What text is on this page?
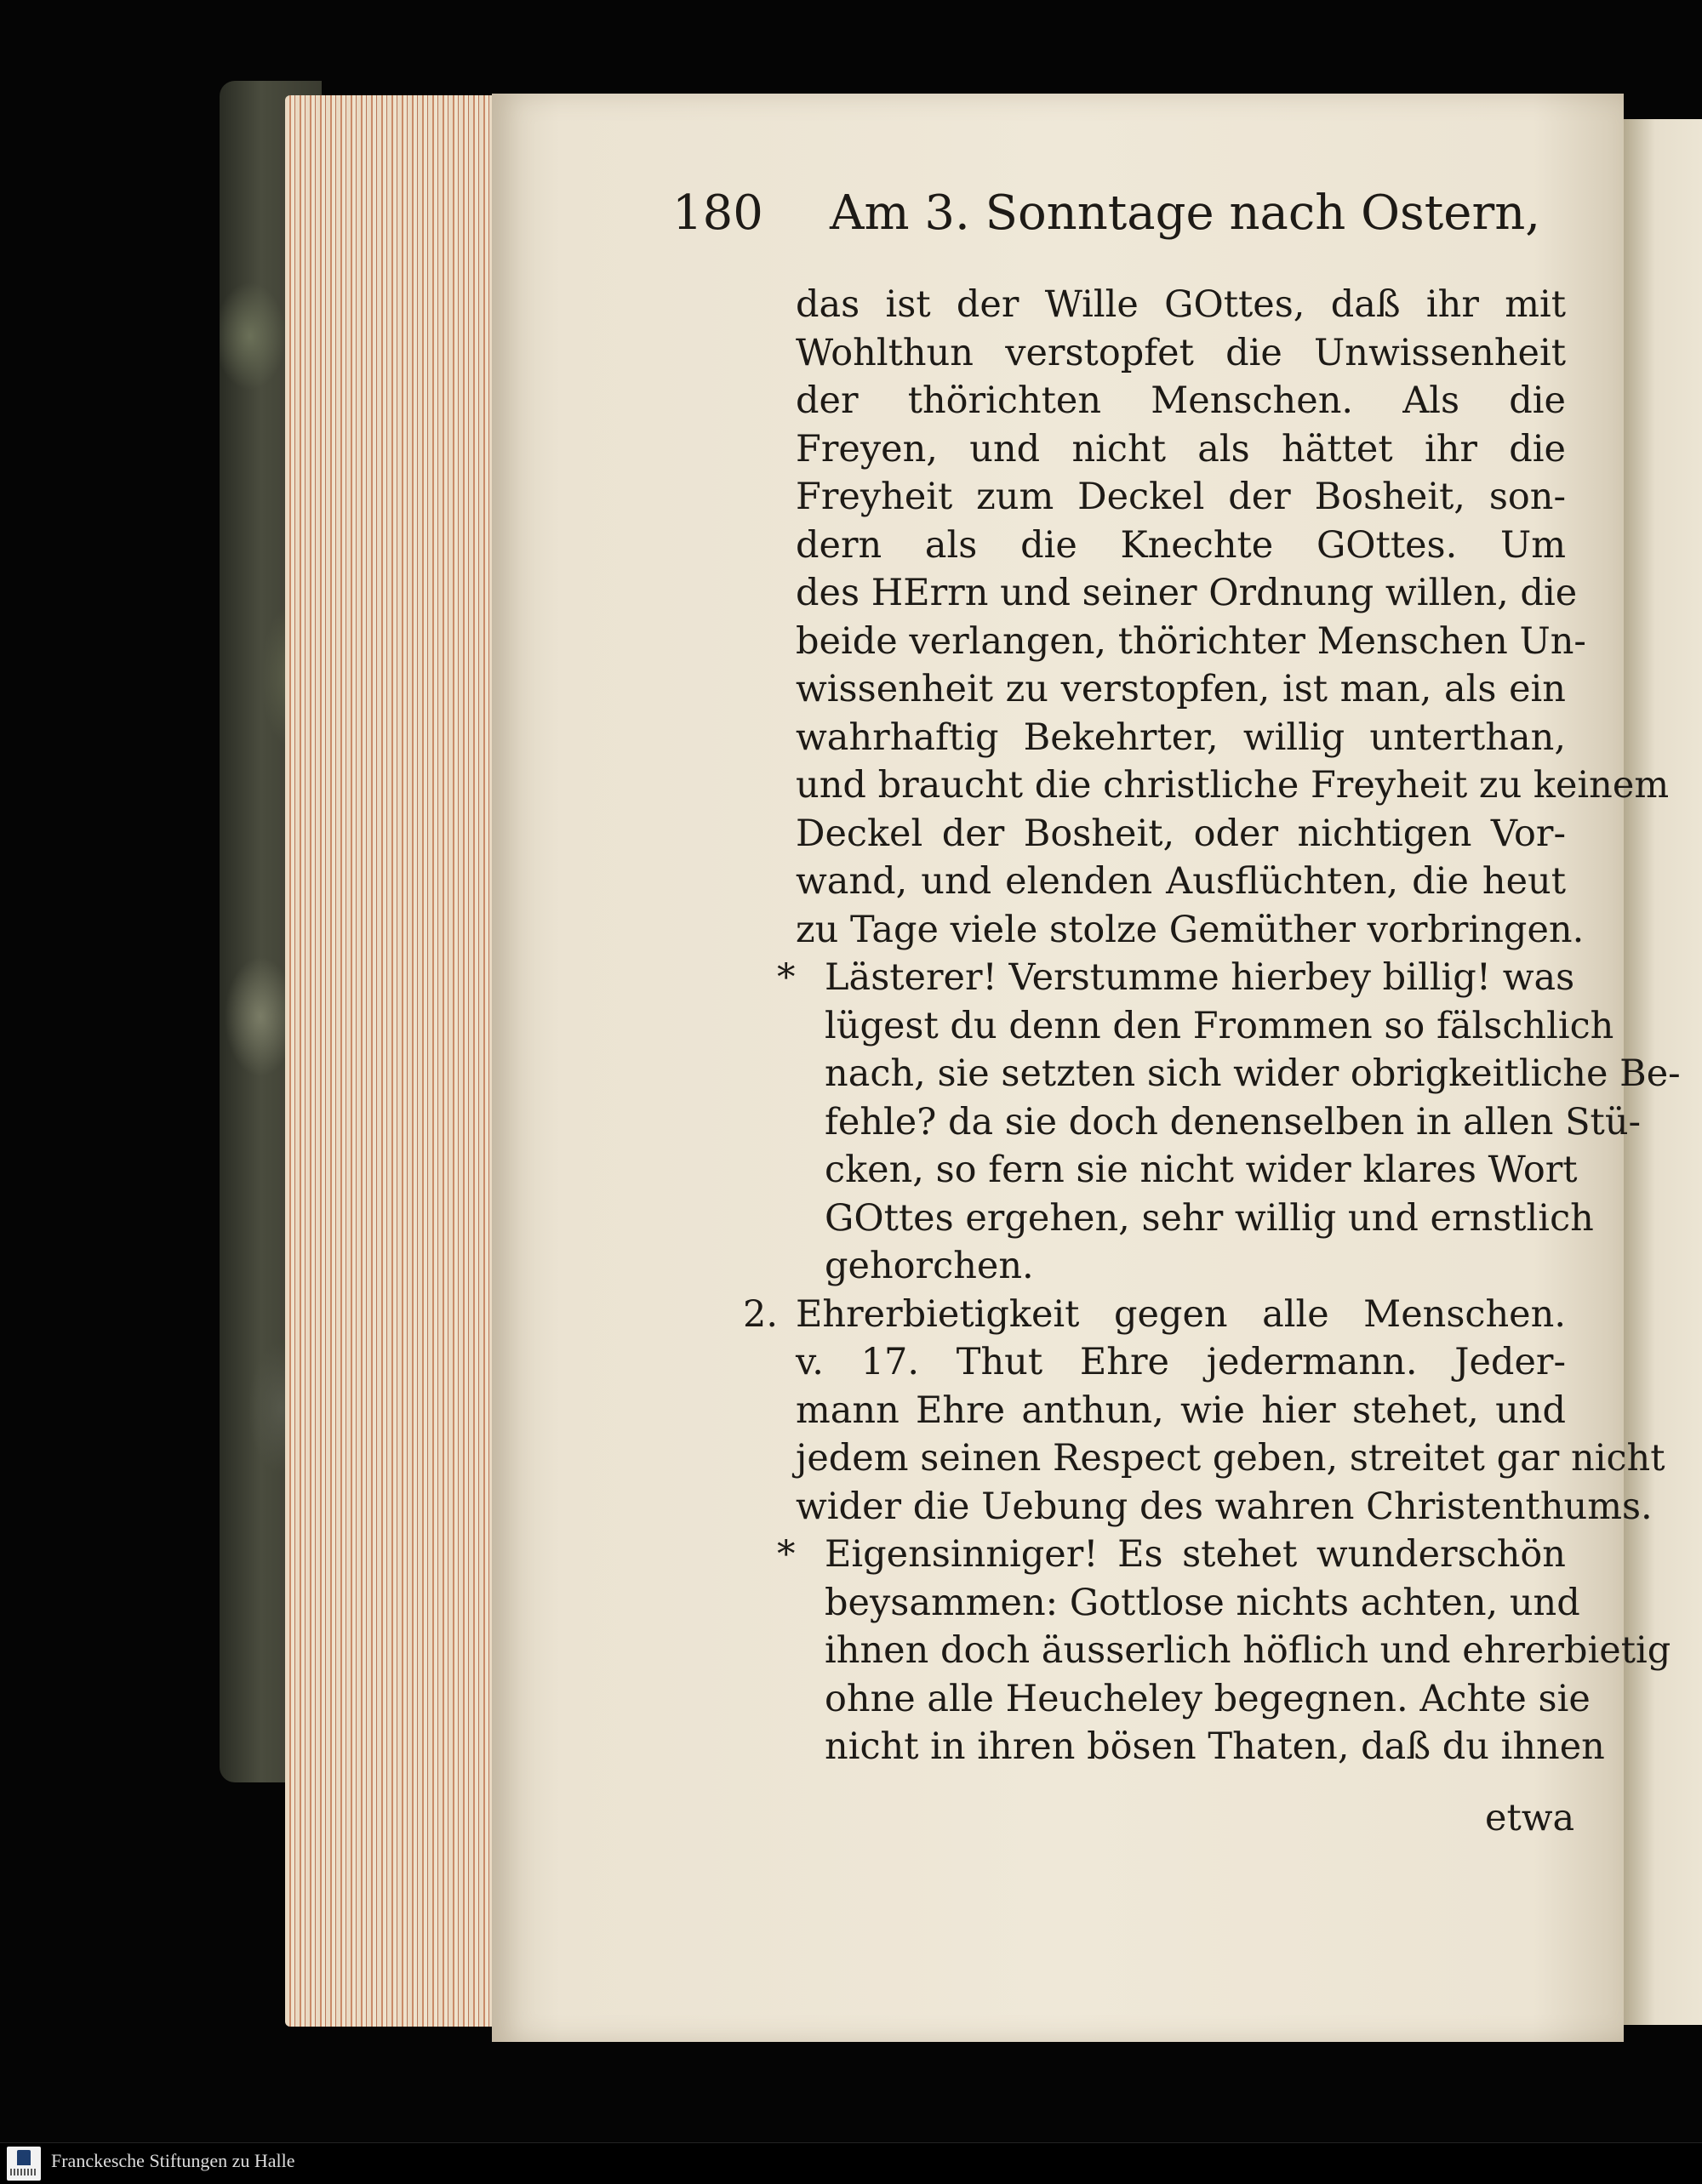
180 Am 3. Sonntage nach Ostern,
das ist der Wille GOttes, daß ihr mit
Wohlthun verstopfet die Unwissenheit
der thörichten Menschen. Als die
Freyen, und nicht als hättet ihr die
Freyheit zum Deckel der Bosheit, son-
dern als die Knechte GOttes. Um
des HErrn und seiner Ordnung willen, die
beide verlangen, thörichter Menschen Un-
wissenheit zu verstopfen, ist man, als ein
wahrhaftig Bekehrter, willig unterthan,
und braucht die christliche Freyheit zu keinem
Deckel der Bosheit, oder nichtigen Vor-
wand, und elenden Ausflüchten, die heut
zu Tage viele stolze Gemüther vorbringen.
Lästerer! Verstumme hierbey billig! was
*
lügest du denn den Frommen so fälschlich
nach, sie setzten sich wider obrigkeitliche Be-
fehle? da sie doch denenselben in allen Stü-
cken, so fern sie nicht wider klares Wort
GOttes ergehen, sehr willig und ernstlich
gehorchen.
Ehrerbietigkeit gegen alle Menschen.
2.
v. 17. Thut Ehre jedermann. Jeder-
mann Ehre anthun, wie hier stehet, und
jedem seinen Respect geben, streitet gar nicht
wider die Uebung des wahren Christenthums.
Eigensinniger! Es stehet wunderschön
*
beysammen: Gottlose nichts achten, und
ihnen doch äusserlich höflich und ehrerbietig
ohne alle Heucheley begegnen. Achte sie
nicht in ihren bösen Thaten, daß du ihnen
etwa
Franckesche Stiftungen zu Halle
